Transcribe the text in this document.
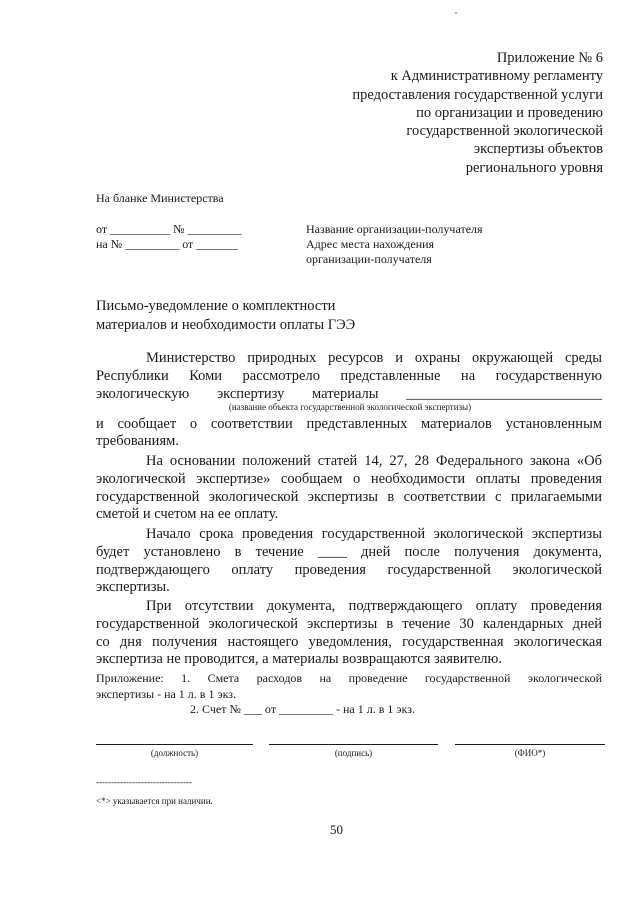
Приложение № 6
к Административному регламенту
предоставления государственной услуги
по организации и проведению
государственной экологической
экспертизы объектов
регионального уровня
На бланке Министерства
от __________ № _________
на № _________ от _______
Название организации-получателя
Адрес места нахождения
организации-получателя
Письмо-уведомление о комплектности
материалов и необходимости оплаты ГЭЭ
Министерство природных ресурсов и охраны окружающей среды
Республики Коми рассмотрело представленные на государственную
экологическую экспертизу материалы ___________________________
(название объекта государственной экологической экспертизы)
и сообщает о соответствии представленных материалов установленным
требованиям.
На основании положений статей 14, 27, 28 Федерального закона «Об
экологической экспертизе» сообщаем о необходимости оплаты проведения
государственной экологической экспертизы в соответствии с прилагаемыми
сметой и счетом на ее оплату.
Начало срока проведения государственной экологической экспертизы
будет установлено в течение ____ дней после получения документа,
подтверждающего оплату проведения государственной экологической
экспертизы.
При отсутствии документа, подтверждающего оплату проведения
государственной экологической экспертизы в течение 30 календарных дней
со дня получения настоящего уведомления, государственная экологическая
экспертиза не проводится, а материалы возвращаются заявителю.
Приложение: 1. Смета расходов на проведение государственной экологической
экспертизы - на 1 л. в 1 экз.
2. Счет № ___ от _________ - на 1 л. в 1 экз.
(должность)	(подпись)	(ФИО*)
--------------------------------
<*> указывается при наличии.
50
